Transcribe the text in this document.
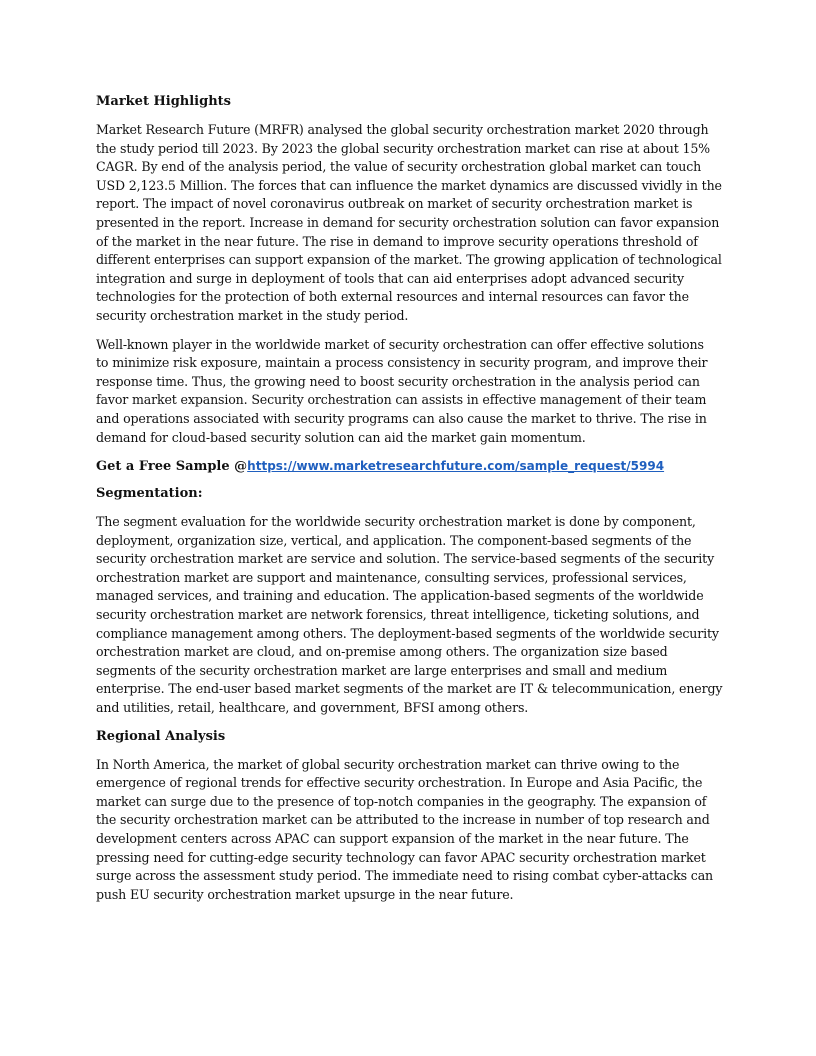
Market Highlights
Market Research Future (MRFR) analysed the global security orchestration market 2020 through
the study period till 2023. By 2023 the global security orchestration market can rise at about 15%
CAGR. By end of the analysis period, the value of security orchestration global market can touch
USD 2,123.5 Million. The forces that can influence the market dynamics are discussed vividly in the
report. The impact of novel coronavirus outbreak on market of security orchestration market is
presented in the report. Increase in demand for security orchestration solution can favor expansion
of the market in the near future. The rise in demand to improve security operations threshold of
different enterprises can support expansion of the market. The growing application of technological
integration and surge in deployment of tools that can aid enterprises adopt advanced security
technologies for the protection of both external resources and internal resources can favor the
security orchestration market in the study period.
Well-known player in the worldwide market of security orchestration can offer effective solutions
to minimize risk exposure, maintain a process consistency in security program, and improve their
response time. Thus, the growing need to boost security orchestration in the analysis period can
favor market expansion. Security orchestration can assists in effective management of their team
and operations associated with security programs can also cause the market to thrive. The rise in
demand for cloud-based security solution can aid the market gain momentum.
Get a Free Sample @https://www.marketresearchfuture.com/sample_request/5994
Segmentation:
The segment evaluation for the worldwide security orchestration market is done by component,
deployment, organization size, vertical, and application. The component-based segments of the
security orchestration market are service and solution. The service-based segments of the security
orchestration market are support and maintenance, consulting services, professional services,
managed services, and training and education. The application-based segments of the worldwide
security orchestration market are network forensics, threat intelligence, ticketing solutions, and
compliance management among others. The deployment-based segments of the worldwide security
orchestration market are cloud, and on-premise among others. The organization size based
segments of the security orchestration market are large enterprises and small and medium
enterprise. The end-user based market segments of the market are IT & telecommunication, energy
and utilities, retail, healthcare, and government, BFSI among others.
Regional Analysis
In North America, the market of global security orchestration market can thrive owing to the
emergence of regional trends for effective security orchestration. In Europe and Asia Pacific, the
market can surge due to the presence of top-notch companies in the geography. The expansion of
the security orchestration market can be attributed to the increase in number of top research and
development centers across APAC can support expansion of the market in the near future. The
pressing need for cutting-edge security technology can favor APAC security orchestration market
surge across the assessment study period. The immediate need to rising combat cyber-attacks can
push EU security orchestration market upsurge in the near future.
